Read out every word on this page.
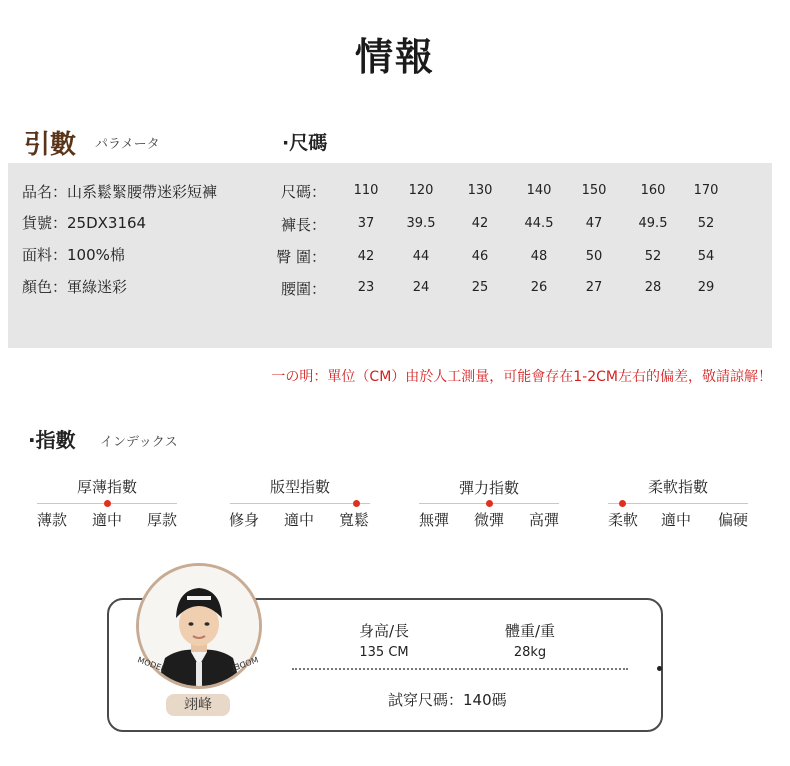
情報
引數 パラメータ	·尺碼
品名：山系鬆緊腰帶迷彩短褲
貨號：25DX3164
面料：100%棉
顏色：軍綠迷彩
尺碼：	110	120	130	140	150	160	170
褲長：	37	39.5	42	44.5	47	49.5	52
臀 圍：	42	44	46	48	50	52	54
腰圍：	23	24	25	26	27	28	29
一の明：單位（CM）由於人工測量，可能會存在1-2CM左右的偏差，敬請諒解！
·指數 インデックス
厚薄指數
薄款	適中	厚款
版型指數
修身	適中	寬鬆
彈力指數
無彈	微彈	高彈
柔軟指數
柔軟	適中	偏硬
MODEL	MODEL
翊峰
身高/長
135 CM
體重/重
28kg
試穿尺碼：140碼
